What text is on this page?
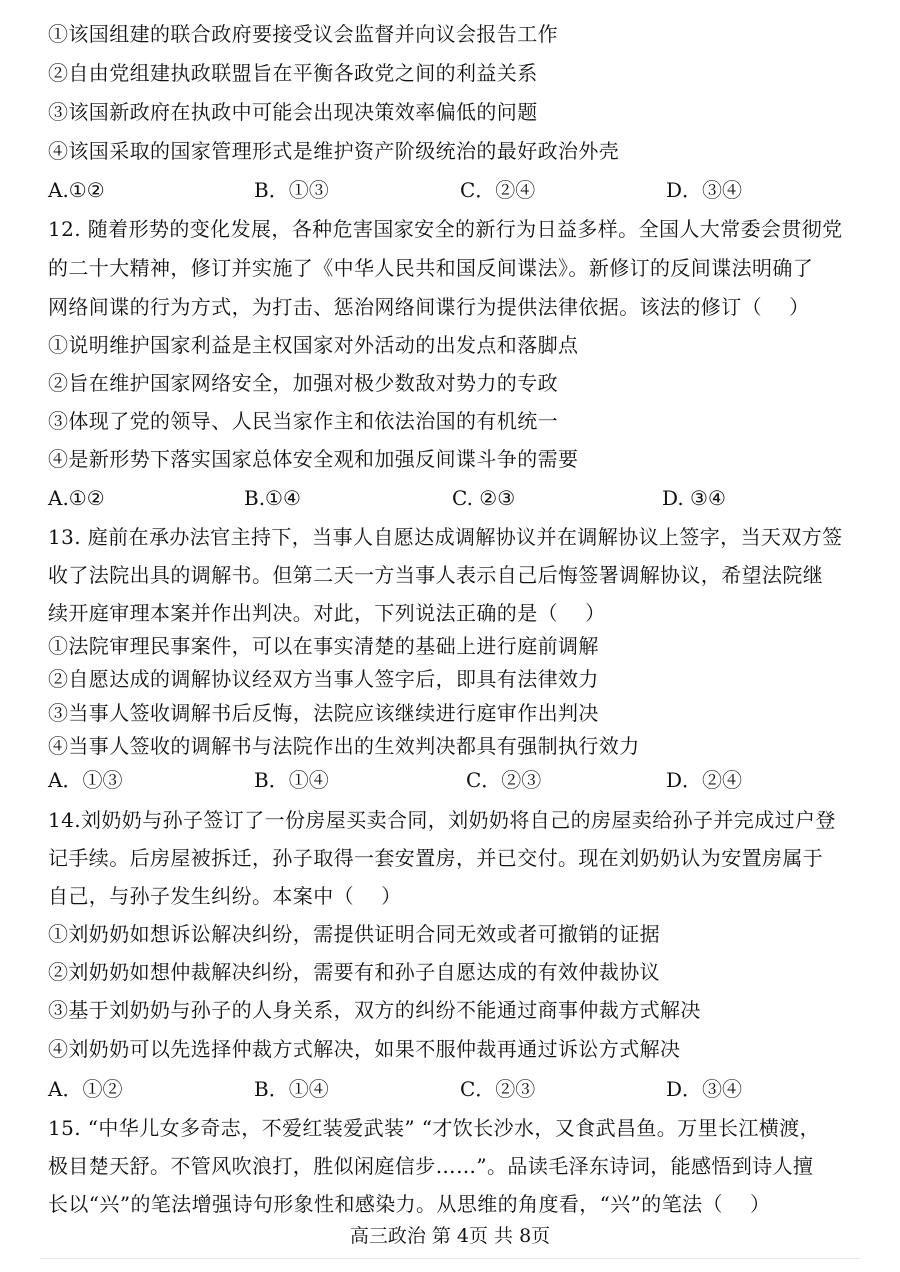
①该国组建的联合政府要接受议会监督并向议会报告工作
②自由党组建执政联盟旨在平衡各政党之间的利益关系
③该国新政府在执政中可能会出现决策效率偏低的问题
④该国采取的国家管理形式是维护资产阶级统治的最好政治外壳
A.①②	B．①③	C．②④	D．③④
12. 随着形势的变化发展，各种危害国家安全的新行为日益多样。全国人大常委会贯彻党
的二十大精神，修订并实施了《中华人民共和国反间谍法》。新修订的反间谍法明确了
网络间谍的行为方式，为打击、惩治网络间谍行为提供法律依据。该法的修订（　 ）
①说明维护国家利益是主权国家对外活动的出发点和落脚点
②旨在维护国家网络安全，加强对极少数敌对势力的专政
③体现了党的领导、人民当家作主和依法治国的有机统一
④是新形势下落实国家总体安全观和加强反间谍斗争的需要
A.①②	B.①④	C. ②③	D. ③④
13. 庭前在承办法官主持下，当事人自愿达成调解协议并在调解协议上签字，当天双方签
收了法院出具的调解书。但第二天一方当事人表示自己后悔签署调解协议，希望法院继
续开庭审理本案并作出判决。对此，下列说法正确的是（　 ）
①法院审理民事案件，可以在事实清楚的基础上进行庭前调解
②自愿达成的调解协议经双方当事人签字后，即具有法律效力
③当事人签收调解书后反悔，法院应该继续进行庭审作出判决
④当事人签收的调解书与法院作出的生效判决都具有强制执行效力
A．①③	B．①④	C．②③	D．②④
14.刘奶奶与孙子签订了一份房屋买卖合同，刘奶奶将自己的房屋卖给孙子并完成过户登
记手续。后房屋被拆迁，孙子取得一套安置房，并已交付。现在刘奶奶认为安置房属于
自己，与孙子发生纠纷。本案中（　 ）
①刘奶奶如想诉讼解决纠纷，需提供证明合同无效或者可撤销的证据
②刘奶奶如想仲裁解决纠纷，需要有和孙子自愿达成的有效仲裁协议
③基于刘奶奶与孙子的人身关系，双方的纠纷不能通过商事仲裁方式解决
④刘奶奶可以先选择仲裁方式解决，如果不服仲裁再通过诉讼方式解决
A．①②	B．①④	C．②③	D．③④
15. “中华儿女多奇志，不爱红装爱武装” “才饮长沙水，又食武昌鱼。万里长江横渡，
极目楚天舒。不管风吹浪打，胜似闲庭信步……”。品读毛泽东诗词，能感悟到诗人擅
长以“兴”的笔法增强诗句形象性和感染力。从思维的角度看，“兴”的笔法（　 ）
高三政治 第 4页 共 8页
